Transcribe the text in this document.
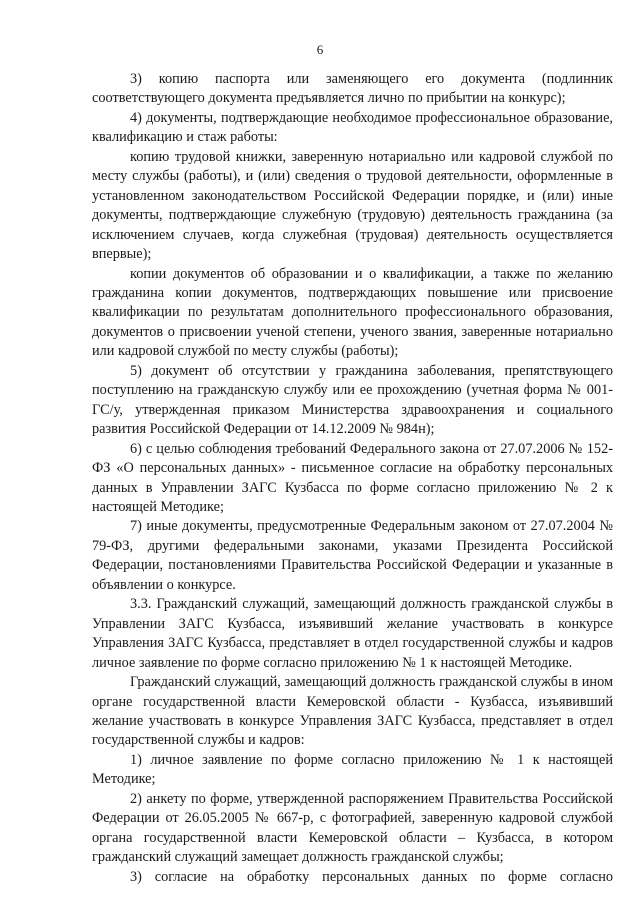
6

3) копию паспорта или заменяющего его документа (подлинник соответствующего документа предъявляется лично по прибытии на конкурс);

4) документы, подтверждающие необходимое профессиональное образование, квалификацию и стаж работы:

копию трудовой книжки, заверенную нотариально или кадровой службой по месту службы (работы), и (или) сведения о трудовой деятельности, оформленные в установленном законодательством Российской Федерации порядке, и (или) иные документы, подтверждающие служебную (трудовую) деятельность гражданина (за исключением случаев, когда служебная (трудовая) деятельность осуществляется впервые);

копии документов об образовании и о квалификации, а также по желанию гражданина копии документов, подтверждающих повышение или присвоение квалификации по результатам дополнительного профессионального образования, документов о присвоении ученой степени, ученого звания, заверенные нотариально или кадровой службой по месту службы (работы);

5) документ об отсутствии у гражданина заболевания, препятствующего поступлению на гражданскую службу или ее прохождению (учетная форма № 001- ГС/у, утвержденная приказом Министерства здравоохранения и социального развития Российской Федерации от 14.12.2009 № 984н);

6) с целью соблюдения требований Федерального закона от 27.07.2006 № 152-ФЗ «О персональных данных» - письменное согласие на обработку персональных данных в Управлении ЗАГС Кузбасса по форме согласно приложению № 2 к настоящей Методике;

7) иные документы, предусмотренные Федеральным законом от 27.07.2004 № 79-ФЗ, другими федеральными законами, указами Президента Российской Федерации, постановлениями Правительства Российской Федерации и указанные в объявлении о конкурсе.

3.3. Гражданский служащий, замещающий должность гражданской службы в Управлении ЗАГС Кузбасса, изъявивший желание участвовать в конкурсе Управления ЗАГС Кузбасса, представляет в отдел государственной службы и кадров личное заявление по форме согласно приложению № 1 к настоящей Методике.

Гражданский служащий, замещающий должность гражданской службы в ином органе государственной власти Кемеровской области - Кузбасса, изъявивший желание участвовать в конкурсе Управления ЗАГС Кузбасса, представляет в отдел государственной службы и кадров:

1) личное заявление по форме согласно приложению № 1 к настоящей Методике;

2) анкету по форме, утвержденной распоряжением Правительства Российской Федерации от 26.05.2005 № 667-р, с фотографией, заверенную кадровой службой органа государственной власти Кемеровской области – Кузбасса, в котором гражданский служащий замещает должность гражданской службы;

3) согласие на обработку персональных данных по форме согласно
